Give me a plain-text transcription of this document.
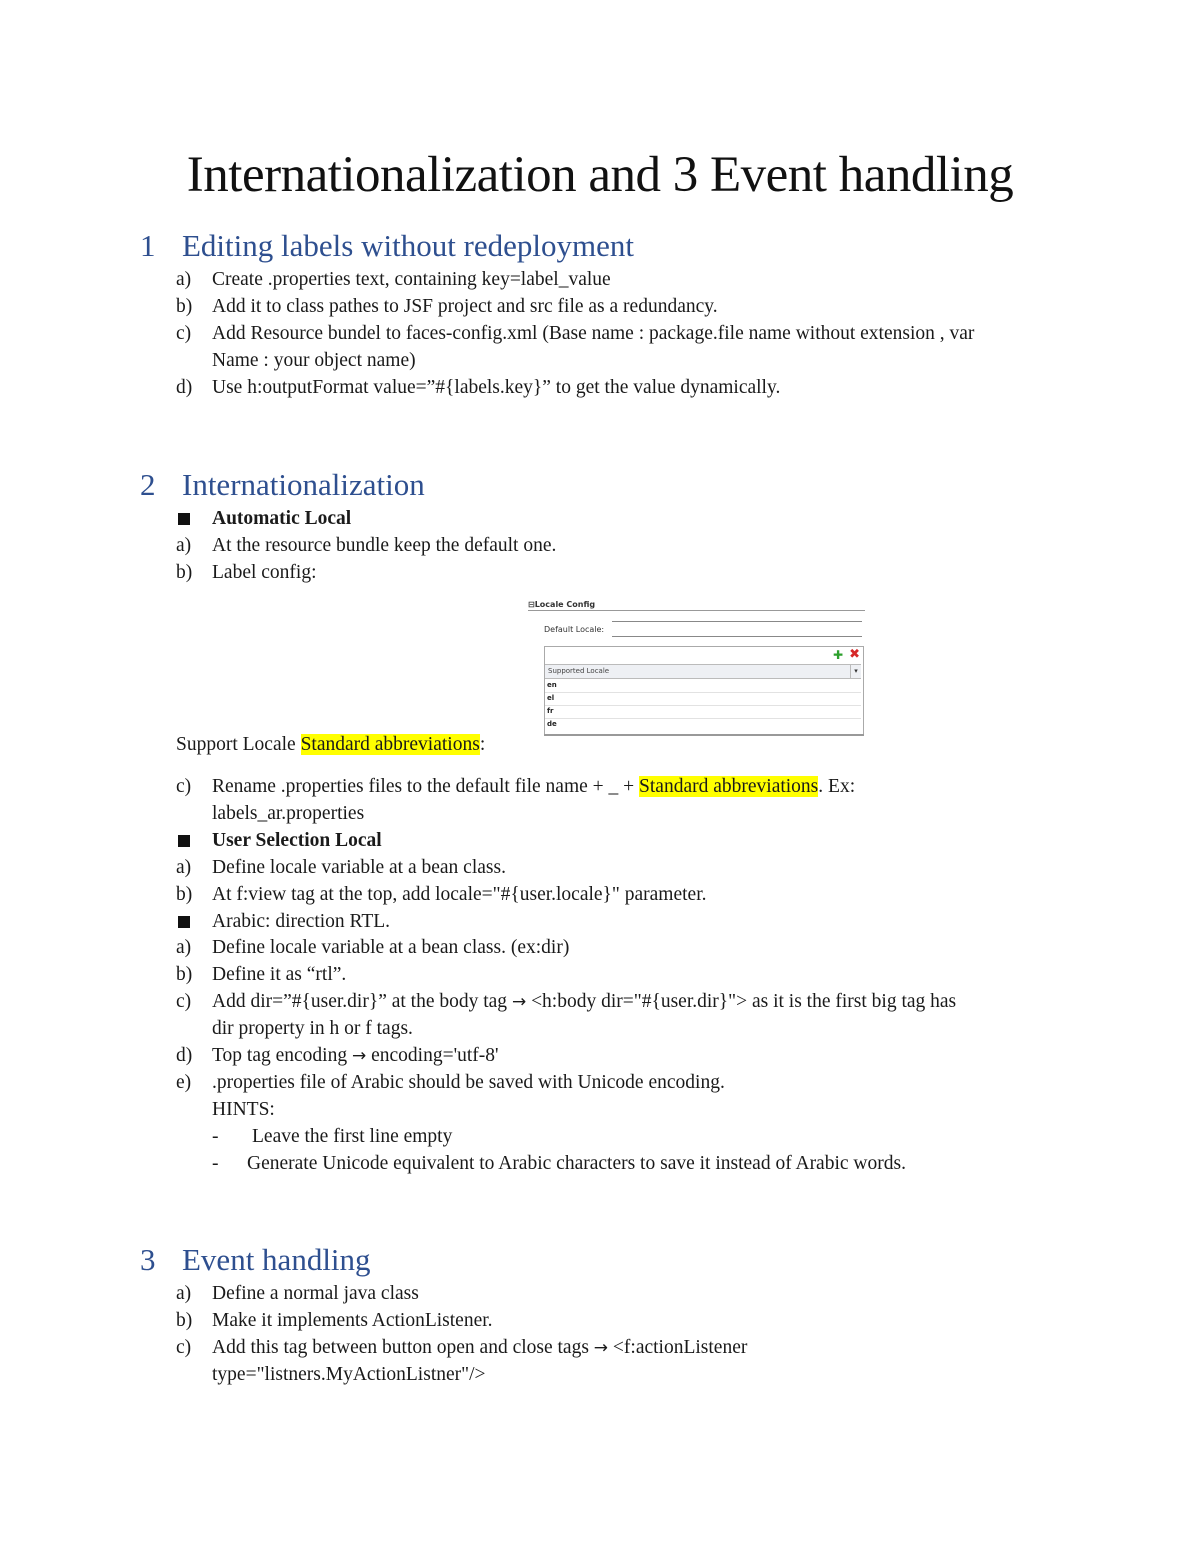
Internationalization and 3 Event handling
1 Editing labels without redeployment
a) Create .properties text, containing key=label_value
b) Add it to class pathes to JSF project and src file as a redundancy.
c) Add Resource bundel to faces-config.xml (Base name : package.file name without extension , var
Name : your object name)
d) Use h:outputFormat value=”#{labels.key}” to get the value dynamically.
2 Internationalization
Automatic Local
a) At the resource bundle keep the default one.
b) Label config:
⊟Locale Config
Default Locale:
✚ ✖
Supported Locale	▾
en
el
fr
de
Support Locale Standard abbreviations:
c) Rename .properties files to the default file name + _ + Standard abbreviations. Ex:
labels_ar.properties
User Selection Local
a) Define locale variable at a bean class.
b) At f:view tag at the top, add locale="#{user.locale}" parameter.
Arabic: direction RTL.
a) Define locale variable at a bean class. (ex:dir)
b) Define it as “rtl”.
c) Add dir=”#{user.dir}” at the body tag → <h:body dir="#{user.dir}"> as it is the first big tag has
dir property in h or f tags.
d) Top tag encoding → encoding='utf-8'
e) .properties file of Arabic should be saved with Unicode encoding.
HINTS:
- Leave the first line empty
- Generate Unicode equivalent to Arabic characters to save it instead of Arabic words.
3 Event handling
a) Define a normal java class
b) Make it implements ActionListener.
c) Add this tag between button open and close tags → <f:actionListener
type="listners.MyActionListner"/>
